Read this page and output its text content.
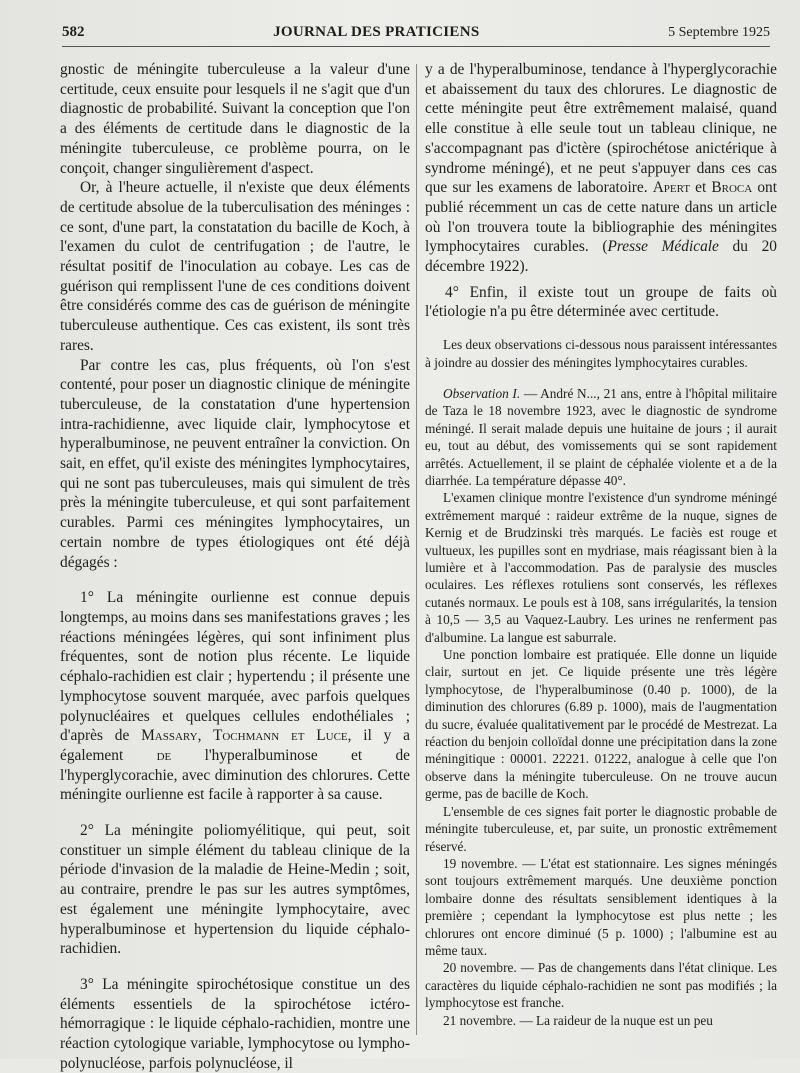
582	JOURNAL DES PRATICIENS	5 Septembre 1925

gnostic de méningite tuberculeuse a la valeur d'une certitude, ceux ensuite pour lesquels il ne s'agit que d'un diagnostic de probabilité. Suivant la conception que l'on a des éléments de certitude dans le diagnostic de la méningite tuberculeuse, ce problème pourra, on le conçoit, changer singulièrement d'aspect.

Or, à l'heure actuelle, il n'existe que deux éléments de certitude absolue de la tuberculisation des méninges : ce sont, d'une part, la constatation du bacille de Koch, à l'examen du culot de centrifugation ; de l'autre, le résultat positif de l'inoculation au cobaye. Les cas de guérison qui remplissent l'une de ces conditions doivent être considérés comme des cas de guérison de méningite tuberculeuse authentique. Ces cas existent, ils sont très rares.

Par contre les cas, plus fréquents, où l'on s'est contenté, pour poser un diagnostic clinique de méningite tuberculeuse, de la constatation d'une hypertension intra-rachidienne, avec liquide clair, lymphocytose et hyperalbuminose, ne peuvent entraîner la conviction. On sait, en effet, qu'il existe des méningites lymphocytaires, qui ne sont pas tuberculeuses, mais qui simulent de très près la méningite tuberculeuse, et qui sont parfaitement curables. Parmi ces méningites lymphocytaires, un certain nombre de types étiologiques ont été déjà dégagés :

1° La méningite ourlienne est connue depuis longtemps, au moins dans ses manifestations graves ; les réactions méningées légères, qui sont infiniment plus fréquentes, sont de notion plus récente. Le liquide céphalo-rachidien est clair ; hypertendu ; il présente une lymphocytose souvent marquée, avec parfois quelques polynucléaires et quelques cellules endothéliales ; d'après de Massary, Tochmann et Luce, il y a également de l'hyperalbuminose et de l'hyperglycorachie, avec diminution des chlorures. Cette méningite ourlienne est facile à rapporter à sa cause.

2° La méningite poliomyélitique, qui peut, soit constituer un simple élément du tableau clinique de la période d'invasion de la maladie de Heine-Medin ; soit, au contraire, prendre le pas sur les autres symptômes, est également une méningite lymphocytaire, avec hyperalbuminose et hypertension du liquide céphalo-rachidien.

3° La méningite spirochétosique constitue un des éléments essentiels de la spirochétose ictéro-hémorragique : le liquide céphalo-rachidien, montre une réaction cytologique variable, lymphocytose ou lympho-polynucléose, parfois polynucléose, il

y a de l'hyperalbuminose, tendance à l'hyperglycorachie et abaissement du taux des chlorures. Le diagnostic de cette méningite peut être extrêmement malaisé, quand elle constitue à elle seule tout un tableau clinique, ne s'accompagnant pas d'ictère (spirochétose anictérique à syndrome méningé), et ne peut s'appuyer dans ces cas que sur les examens de laboratoire. Apert et Broca ont publié récemment un cas de cette nature dans un article où l'on trouvera toute la bibliographie des méningites lymphocytaires curables. (Presse Médicale du 20 décembre 1922).

4° Enfin, il existe tout un groupe de faits où l'étiologie n'a pu être déterminée avec certitude.

Les deux observations ci-dessous nous paraissent intéressantes à joindre au dossier des méningites lymphocytaires curables.

Observation I. — André N..., 21 ans, entre à l'hôpital militaire de Taza le 18 novembre 1923, avec le diagnostic de syndrome méningé. Il serait malade depuis une huitaine de jours ; il aurait eu, tout au début, des vomissements qui se sont rapidement arrêtés. Actuellement, il se plaint de céphalée violente et a de la diarrhée. La température dépasse 40°.

L'examen clinique montre l'existence d'un syndrome méningé extrêmement marqué : raideur extrême de la nuque, signes de Kernig et de Brudzinski très marqués. Le faciès est rouge et vultueux, les pupilles sont en mydriase, mais réagissant bien à la lumière et à l'accommodation. Pas de paralysie des muscles oculaires. Les réflexes rotuliens sont conservés, les réflexes cutanés normaux. Le pouls est à 108, sans irrégularités, la tension à 10,5 — 3,5 au Vaquez-Laubry. Les urines ne renferment pas d'albumine. La langue est saburrale.

Une ponction lombaire est pratiquée. Elle donne un liquide clair, surtout en jet. Ce liquide présente une très légère lymphocytose, de l'hyperalbuminose (0.40 p. 1000), de la diminution des chlorures (6.89 p. 1000), mais de l'augmentation du sucre, évaluée qualitativement par le procédé de Mestrezat. La réaction du benjoin colloïdal donne une précipitation dans la zone méningitique : 00001. 22221. 01222, analogue à celle que l'on observe dans la méningite tuberculeuse. On ne trouve aucun germe, pas de bacille de Koch.

L'ensemble de ces signes fait porter le diagnostic probable de méningite tuberculeuse, et, par suite, un pronostic extrêmement réservé.

19 novembre. — L'état est stationnaire. Les signes méningés sont toujours extrêmement marqués. Une deuxième ponction lombaire donne des résultats sensiblement identiques à la première ; cependant la lymphocytose est plus nette ; les chlorures ont encore diminué (5 p. 1000) ; l'albumine est au même taux.

20 novembre. — Pas de changements dans l'état clinique. Les caractères du liquide céphalo-rachidien ne sont pas modifiés ; la lymphocytose est franche.

21 novembre. — La raideur de la nuque est un peu
